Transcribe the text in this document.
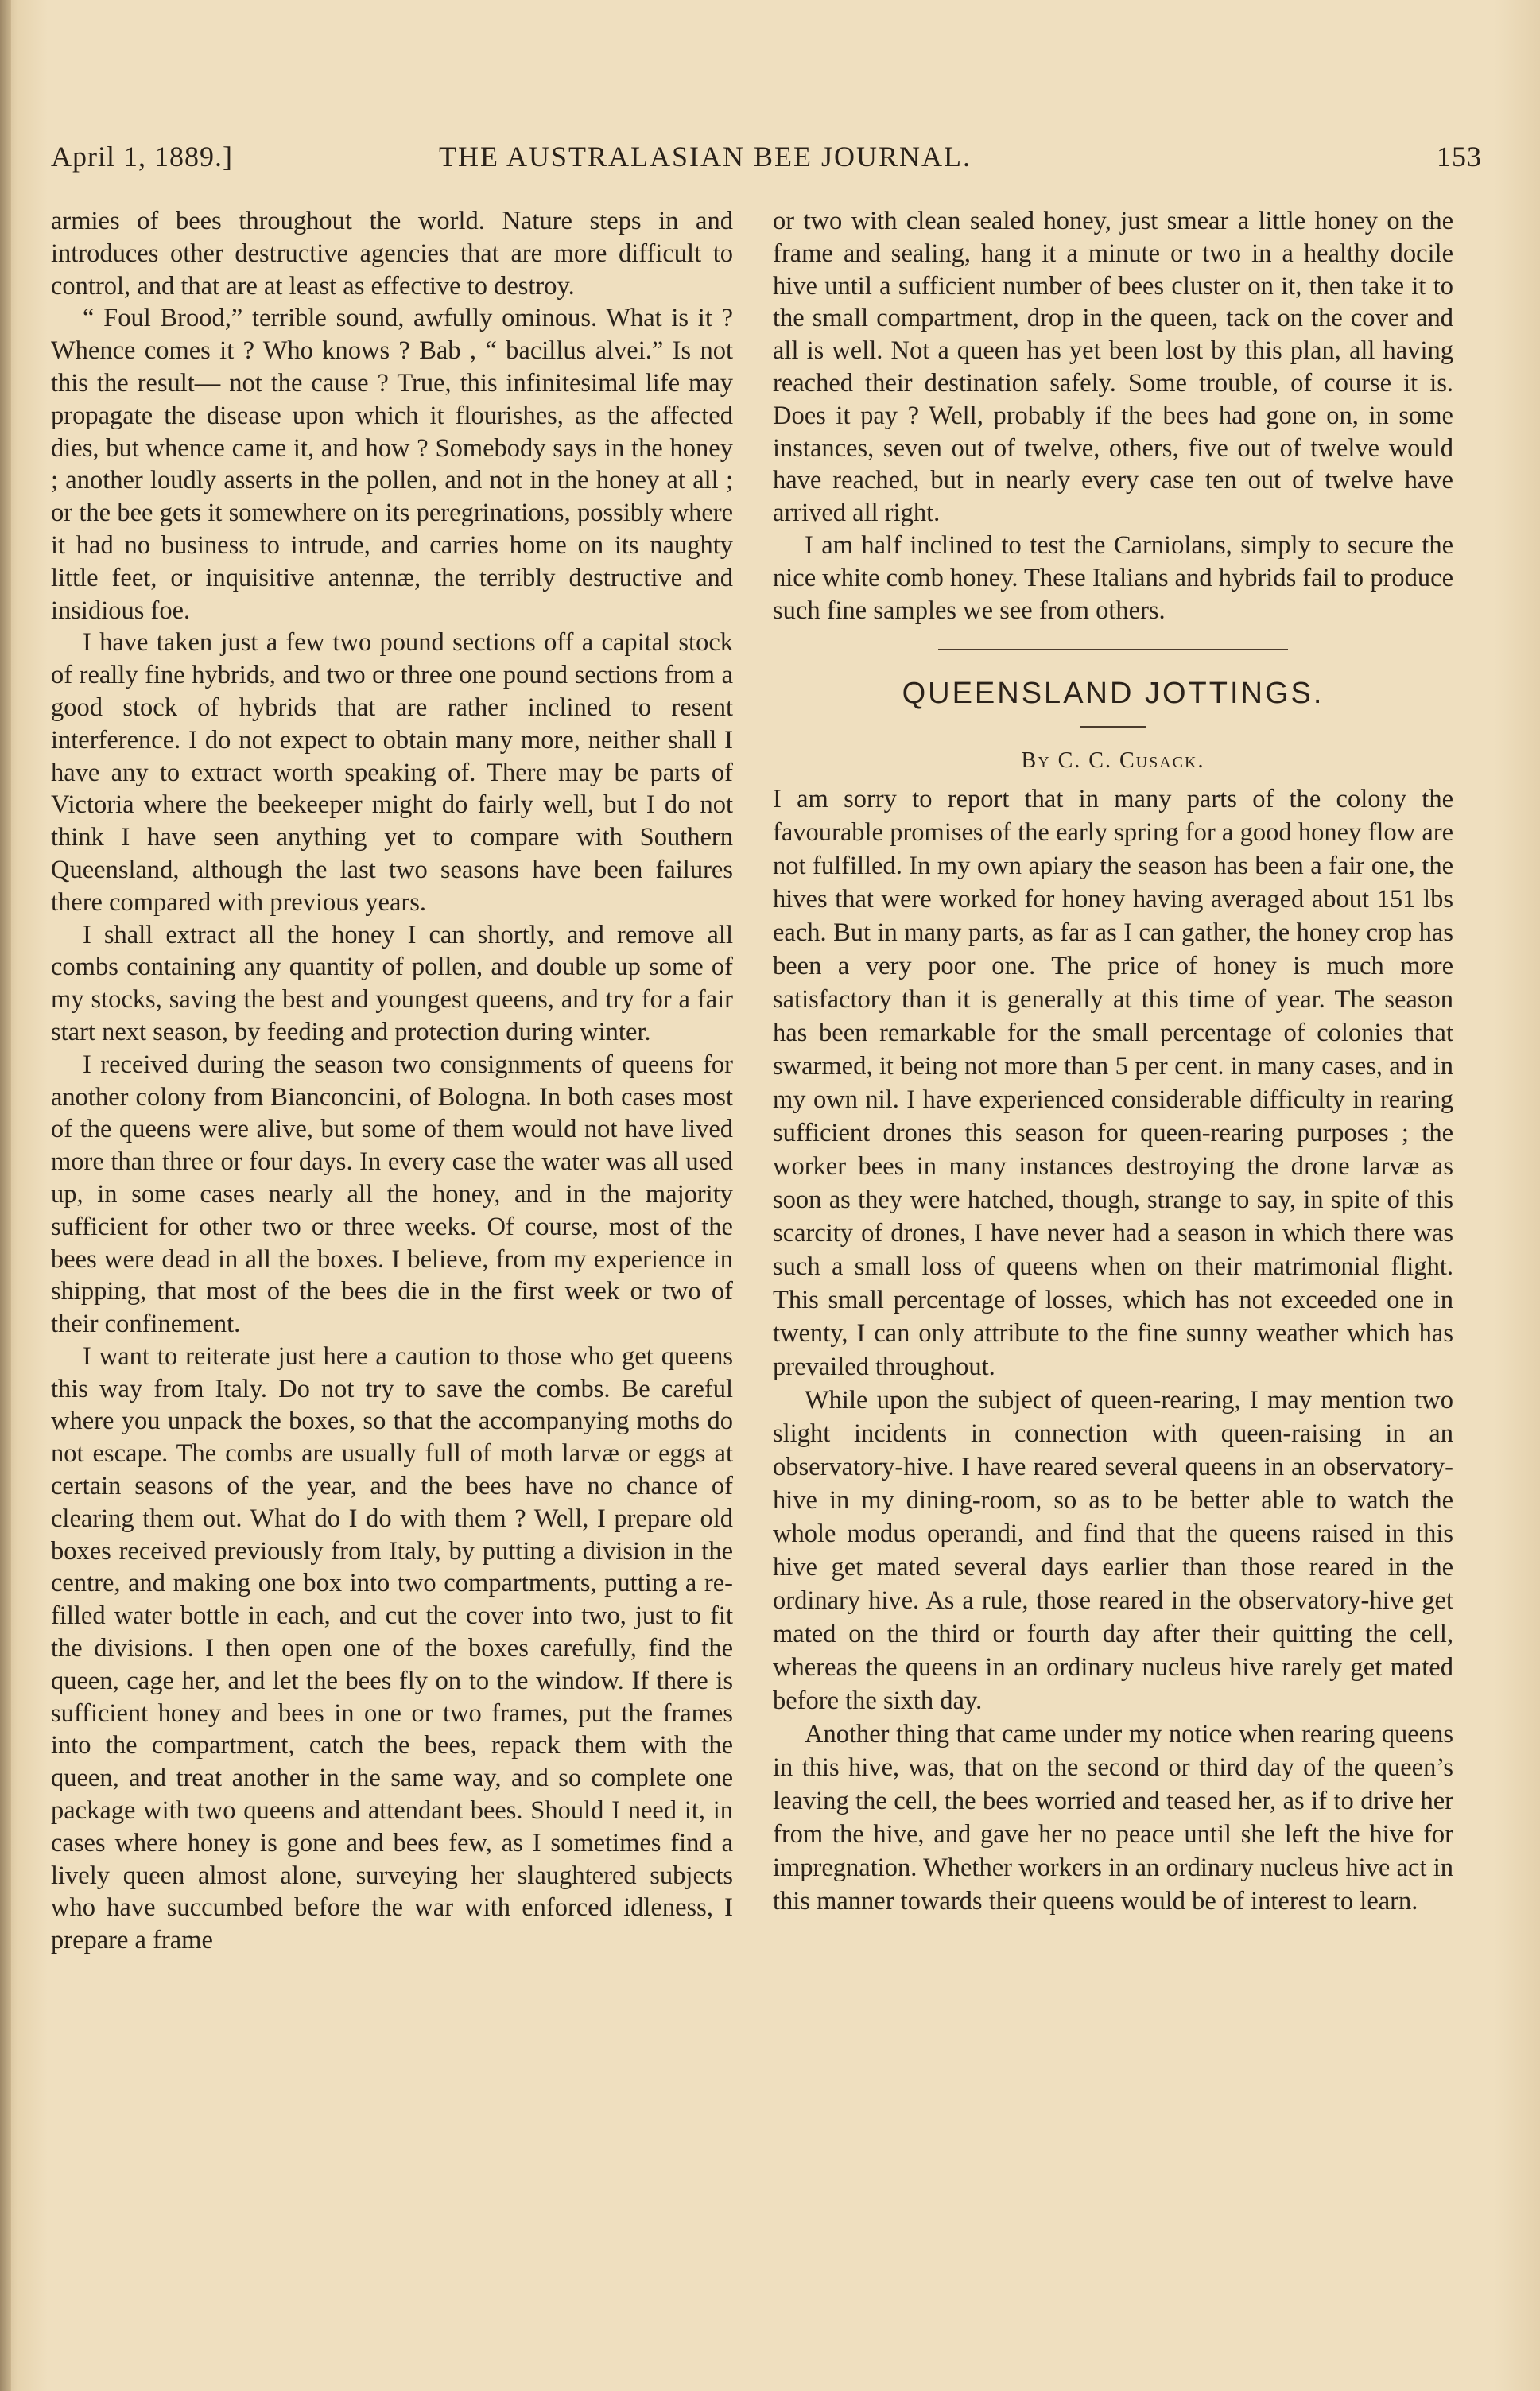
April 1, 1889.]	THE AUSTRALASIAN BEE JOURNAL.	153

armies of bees throughout the world. Nature steps in and introduces other destructive agencies that are more difficult to control, and that are at least as effective to destroy.

“ Foul Brood,” terrible sound, awfully ominous. What is it ? Whence comes it ? Who knows ? Bab , “ bacillus alvei.” Is not this the result— not the cause ? True, this infinitesimal life may propagate the disease upon which it flourishes, as the affected dies, but whence came it, and how ? Somebody says in the honey ; another loudly asserts in the pollen, and not in the honey at all ; or the bee gets it somewhere on its peregrinations, possibly where it had no business to intrude, and carries home on its naughty little feet, or inquisitive antennæ, the terribly destructive and insidious foe.

I have taken just a few two pound sections off a capital stock of really fine hybrids, and two or three one pound sections from a good stock of hybrids that are rather inclined to resent interference. I do not expect to obtain many more, neither shall I have any to extract worth speaking of. There may be parts of Victoria where the beekeeper might do fairly well, but I do not think I have seen anything yet to compare with Southern Queensland, although the last two seasons have been failures there compared with previous years.

I shall extract all the honey I can shortly, and remove all combs containing any quantity of pollen, and double up some of my stocks, saving the best and youngest queens, and try for a fair start next season, by feeding and protection during winter.

I received during the season two consignments of queens for another colony from Bianconcini, of Bologna. In both cases most of the queens were alive, but some of them would not have lived more than three or four days. In every case the water was all used up, in some cases nearly all the honey, and in the majority sufficient for other two or three weeks. Of course, most of the bees were dead in all the boxes. I believe, from my experience in shipping, that most of the bees die in the first week or two of their confinement.

I want to reiterate just here a caution to those who get queens this way from Italy. Do not try to save the combs. Be careful where you unpack the boxes, so that the accompanying moths do not escape. The combs are usually full of moth larvæ or eggs at certain seasons of the year, and the bees have no chance of clearing them out. What do I do with them ? Well, I prepare old boxes received previously from Italy, by putting a division in the centre, and making one box into two compartments, putting a re-filled water bottle in each, and cut the cover into two, just to fit the divisions. I then open one of the boxes carefully, find the queen, cage her, and let the bees fly on to the window. If there is sufficient honey and bees in one or two frames, put the frames into the compartment, catch the bees, repack them with the queen, and treat another in the same way, and so complete one package with two queens and attendant bees. Should I need it, in cases where honey is gone and bees few, as I sometimes find a lively queen almost alone, surveying her slaughtered subjects who have succumbed before the war with enforced idleness, I prepare a frame

or two with clean sealed honey, just smear a little honey on the frame and sealing, hang it a minute or two in a healthy docile hive until a sufficient number of bees cluster on it, then take it to the small compartment, drop in the queen, tack on the cover and all is well. Not a queen has yet been lost by this plan, all having reached their destination safely. Some trouble, of course it is. Does it pay ? Well, probably if the bees had gone on, in some instances, seven out of twelve, others, five out of twelve would have reached, but in nearly every case ten out of twelve have arrived all right.

I am half inclined to test the Carniolans, simply to secure the nice white comb honey. These Italians and hybrids fail to produce such fine samples we see from others.

QUEENSLAND JOTTINGS.
By C. C. Cusack.

I am sorry to report that in many parts of the colony the favourable promises of the early spring for a good honey flow are not fulfilled. In my own apiary the season has been a fair one, the hives that were worked for honey having averaged about 151 lbs each. But in many parts, as far as I can gather, the honey crop has been a very poor one. The price of honey is much more satisfactory than it is generally at this time of year. The season has been remarkable for the small percentage of colonies that swarmed, it being not more than 5 per cent. in many cases, and in my own nil. I have experienced considerable difficulty in rearing sufficient drones this season for queen-rearing purposes ; the worker bees in many instances destroying the drone larvæ as soon as they were hatched, though, strange to say, in spite of this scarcity of drones, I have never had a season in which there was such a small loss of queens when on their matrimonial flight. This small percentage of losses, which has not exceeded one in twenty, I can only attribute to the fine sunny weather which has prevailed throughout.

While upon the subject of queen-rearing, I may mention two slight incidents in connection with queen-raising in an observatory-hive. I have reared several queens in an observatory-hive in my dining-room, so as to be better able to watch the whole modus operandi, and find that the queens raised in this hive get mated several days earlier than those reared in the ordinary hive. As a rule, those reared in the observatory-hive get mated on the third or fourth day after their quitting the cell, whereas the queens in an ordinary nucleus hive rarely get mated before the sixth day.

Another thing that came under my notice when rearing queens in this hive, was, that on the second or third day of the queen’s leaving the cell, the bees worried and teased her, as if to drive her from the hive, and gave her no peace until she left the hive for impregnation. Whether workers in an ordinary nucleus hive act in this manner towards their queens would be of interest to learn.
